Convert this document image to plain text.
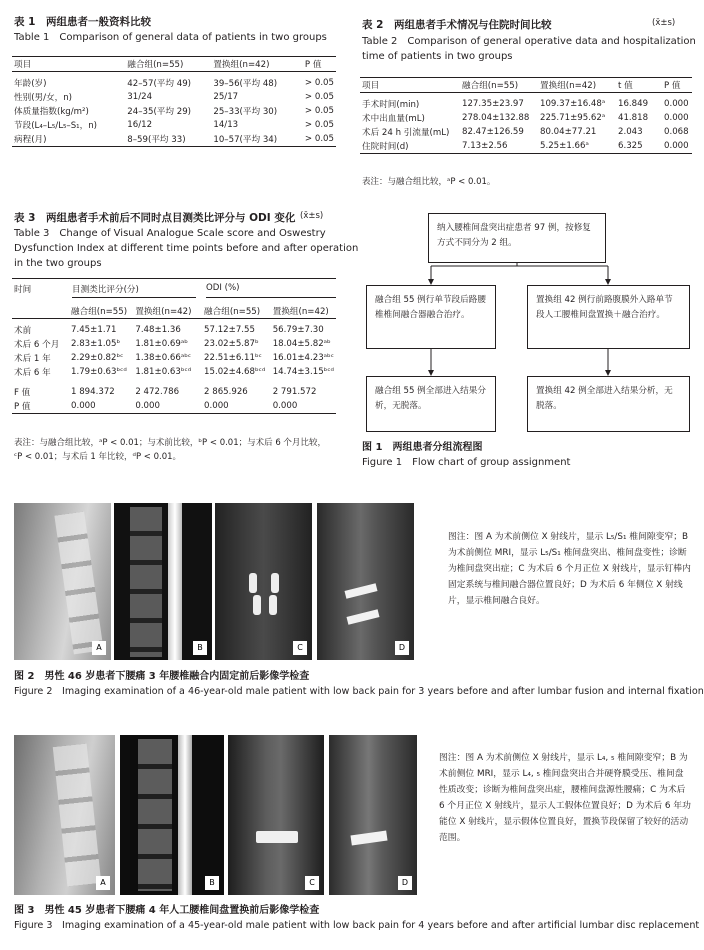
表 1　两组患者一般资料比较
Table 1　Comparison of general data of patients in two groups
项目	融合组(n=55)	置换组(n=42)	P 值

年龄(岁)	42–57(平均 49)	39–56(平均 48)	> 0.05
性别(男/女，n)	31/24	25/17	> 0.05
体质量指数(kg/m²)	24–35(平均 29)	25–33(平均 30)	> 0.05
节段(L₄–L₅/L₅–S₁，n)	16/12	14/13	> 0.05
病程(月)	8–59(平均 33)	10–57(平均 34)	> 0.05
表 2　两组患者手术情况与住院时间比较	(x̄±s)
Table 2　Comparison of general operative data and hospitalization
time of patients in two groups
项目	融合组(n=55)	置换组(n=42)	t 值	P 值

手术时间(min)	127.35±23.97	109.37±16.48ᵃ	16.849	0.000
术中出血量(mL)	278.04±132.88	225.71±95.62ᵃ	41.818	0.000
术后 24 h 引流量(mL)	82.47±126.59	80.04±77.21	2.043	0.068
住院时间(d)	7.13±2.56	5.25±1.66ᵃ	6.325	0.000
表注：与融合组比较，ᵃP < 0.01。
表 3　两组患者手术前后不同时点目测类比评分与 ODI 变化 (x̄±s)
Table 3　Change of Visual Analogue Scale score and Oswestry
Dysfunction Index at different time points before and after operation
in the two groups
时间	目测类比评分(分)	ODI (%)
	融合组(n=55)	置换组(n=42)	融合组(n=55)	置换组(n=42)

术前	7.45±1.71	7.48±1.36	57.12±7.55	56.79±7.30
术后 6 个月	2.83±1.05ᵇ	1.81±0.69ᵃᵇ	23.02±5.87ᵇ	18.04±5.82ᵃᵇ
术后 1 年	2.29±0.82ᵇᶜ	1.38±0.66ᵃᵇᶜ	22.51±6.11ᵇᶜ	16.01±4.23ᵃᵇᶜ
术后 6 年	1.79±0.63ᵇᶜᵈ	1.81±0.63ᵇᶜᵈ	15.02±4.68ᵇᶜᵈ	14.74±3.15ᵇᶜᵈ

F 值	1 894.372	2 472.786	2 865.926	2 791.572
P 值	0.000	0.000	0.000	0.000
表注：与融合组比较，ᵃP < 0.01；与术前比较，ᵇP < 0.01；与术后 6 个月比较，
ᶜP < 0.01；与术后 1 年比较，ᵈP < 0.01。
纳入腰椎间盘突出症患者 97 例，按修复方式不同分为 2 组。
融合组 55 例行单节段后路腰椎椎间融合器融合治疗。
置换组 42 例行前路腹膜外入路单节段人工腰椎间盘置换＋融合治疗。
融合组 55 例全部进入结果分析，无脱落。
置换组 42 例全部进入结果分析，无脱落。
图 1　两组患者分组流程图
Figure 1　Flow chart of group assignment
A	B	C	D
图注：图 A 为术前侧位 X 射线片，显示 L₅/S₁ 椎间隙变窄；B 为术前侧位 MRI，显示 L₅/S₁ 椎间盘突出、椎间盘变性；诊断为椎间盘突出症；C 为术后 6 个月正位 X 射线片，显示钉棒内固定系统与椎间融合器位置良好；D 为术后 6 年侧位 X 射线片，显示椎间融合良好。
图 2　男性 46 岁患者下腰痛 3 年腰椎融合内固定前后影像学检查
Figure 2　Imaging examination of a 46-year-old male patient with low back pain for 3 years before and after lumbar fusion and internal fixation
A	B	C	D
图注：图 A 为术前侧位 X 射线片，显示 L₄, ₅ 椎间隙变窄；B 为术前侧位 MRI，显示 L₄, ₅ 椎间盘突出合并硬脊膜受压、椎间盘性质改变；诊断为椎间盘突出症，腰椎间盘源性腰痛；C 为术后 6 个月正位 X 射线片，显示人工假体位置良好；D 为术后 6 年功能位 X 射线片，显示假体位置良好，置换节段保留了较好的活动范围。
图 3　男性 45 岁患者下腰痛 4 年人工腰椎间盘置换前后影像学检查
Figure 3　Imaging examination of a 45-year-old male patient with low back pain for 4 years before and after artificial lumbar disc replacement
